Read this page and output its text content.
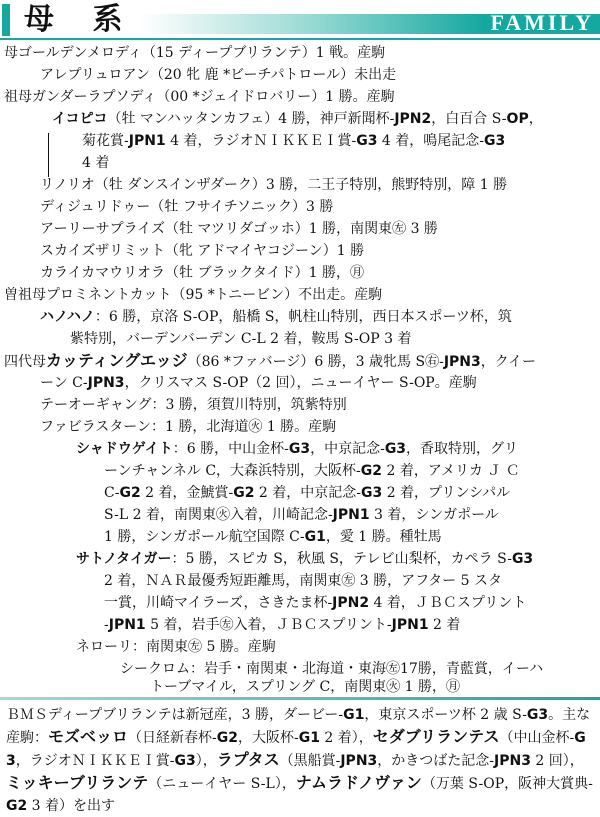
母 系	FAMILY
母ゴールデンメロディ（15 ディープブリランテ）1 戦。産駒
アレプリュロアン（20 牝 鹿 *ビーチパトロール）未出走
祖母ガンダーラプソディ（00 *ジェイドロバリー）1 勝。産駒
イコピコ（牡 マンハッタンカフェ）4 勝，神戸新聞杯-JPN2，白百合 S-OP，
菊花賞-JPN1 4 着，ラジオＮＩＫＫＥＩ賞-G3 4 着，鳴尾記念-G3
4 着
リノリオ（牡 ダンスインザダーク）3 勝，二王子特別，熊野特別，障 1 勝
ディジュリドゥー（牡 フサイチソニック）3 勝
アーリーサプライズ（牡 マツリダゴッホ）1 勝，南関東㊧ 3 勝
スカイズザリミット（牝 アドマイヤコジーン）1 勝
カライカマウリオラ（牡 ブラックタイド）1 勝，㊊
曽祖母プロミネントカット（95 *トニービン）不出走。産駒
ハノハノ：6 勝，京洛 S-OP，船橋 S，帆柱山特別，西日本スポーツ杯，筑
紫特別，バーデンバーデン C-L 2 着，鞍馬 S-OP 3 着
四代母カッティングエッジ（86 *ファバージ）6 勝，3 歳牝馬 S㊨-JPN3，クイー
ーン C-JPN3，クリスマス S-OP（2 回），ニューイヤー S-OP。産駒
テーオーギャング：3 勝，須賀川特別，筑紫特別
ファビラスターン：1 勝，北海道㊋ 1 勝。産駒
シャドウゲイト：6 勝，中山金杯-G3，中京記念-G3，香取特別，グリ
ーンチャンネル C，大森浜特別，大阪杯-G2 2 着，アメリカ Ｊ Ｃ
C-G2 2 着，金鯱賞-G2 2 着，中京記念-G3 2 着，プリンシパル
S-L 2 着，南関東㊋入着，川崎記念-JPN1 3 着，シンガポール
1 勝，シンガポール航空国際 C-G1，愛 1 勝。種牡馬
サトノタイガー：5 勝，スピカ S，秋風 S，テレビ山梨杯，カペラ S-G3
2 着，ＮＡＲ最優秀短距離馬，南関東㊧ 3 勝，アフター 5 スタ
一賞，川崎マイラーズ，さきたま杯-JPN2 4 着，ＪＢＣスプリント
-JPN1 5 着，岩手㊧入着，ＪＢＣスプリント-JPN1 2 着
ネローリ：南関東㊧ 5 勝。産駒
シークロム：岩手・南関東・北海道・東海㊧17勝，青藍賞，イーハ
トーブマイル，スプリング C，南関東㊋ 1 勝，㊊
ＢＭＳディープブリランテは新冠産，3 勝，ダービー-G1，東京スポーツ杯 2 歳 S-G3。主な産駒：モズベッロ（日経新春杯-G2，大阪杯-G1 2 着），セダブリランテス（中山金杯-G3，ラジオＮＩＫＫＥＩ賞-G3），ラプタス（黒船賞-JPN3，かきつばた記念-JPN3 2 回），ミッキーブリランテ（ニューイヤー S-L），ナムラドノヴァン（万葉 S-OP，阪神大賞典-G2 3 着）を出す
